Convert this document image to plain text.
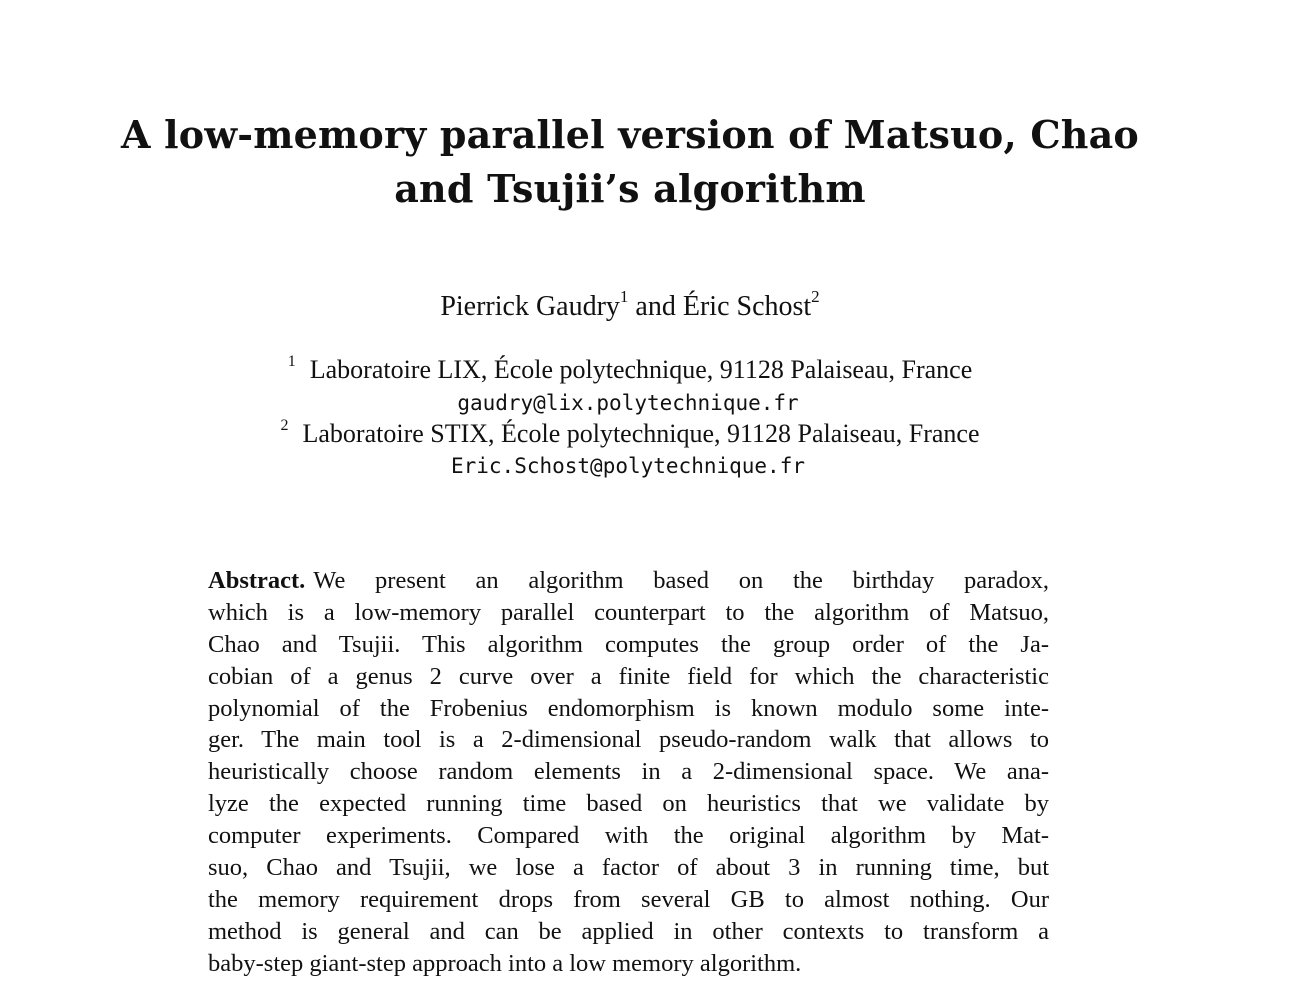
A low-memory parallel version of Matsuo, Chao
and Tsujii’s algorithm
Pierrick Gaudry$^1$ and Éric Schost$^2$
$^1$ Laboratoire LIX, École polytechnique, 91128 Palaiseau, France
gaudry@lix.polytechnique.fr
$^2$ Laboratoire STIX, École polytechnique, 91128 Palaiseau, France
Eric.Schost@polytechnique.fr
Abstract. We present an algorithm based on the birthday paradox,
which is a low-memory parallel counterpart to the algorithm of Matsuo,
Chao and Tsujii. This algorithm computes the group order of the Ja-
cobian of a genus 2 curve over a finite field for which the characteristic
polynomial of the Frobenius endomorphism is known modulo some inte-
ger. The main tool is a 2-dimensional pseudo-random walk that allows to
heuristically choose random elements in a 2-dimensional space. We ana-
lyze the expected running time based on heuristics that we validate by
computer experiments. Compared with the original algorithm by Mat-
suo, Chao and Tsujii, we lose a factor of about 3 in running time, but
the memory requirement drops from several GB to almost nothing. Our
method is general and can be applied in other contexts to transform a
baby-step giant-step approach into a low memory algorithm.
